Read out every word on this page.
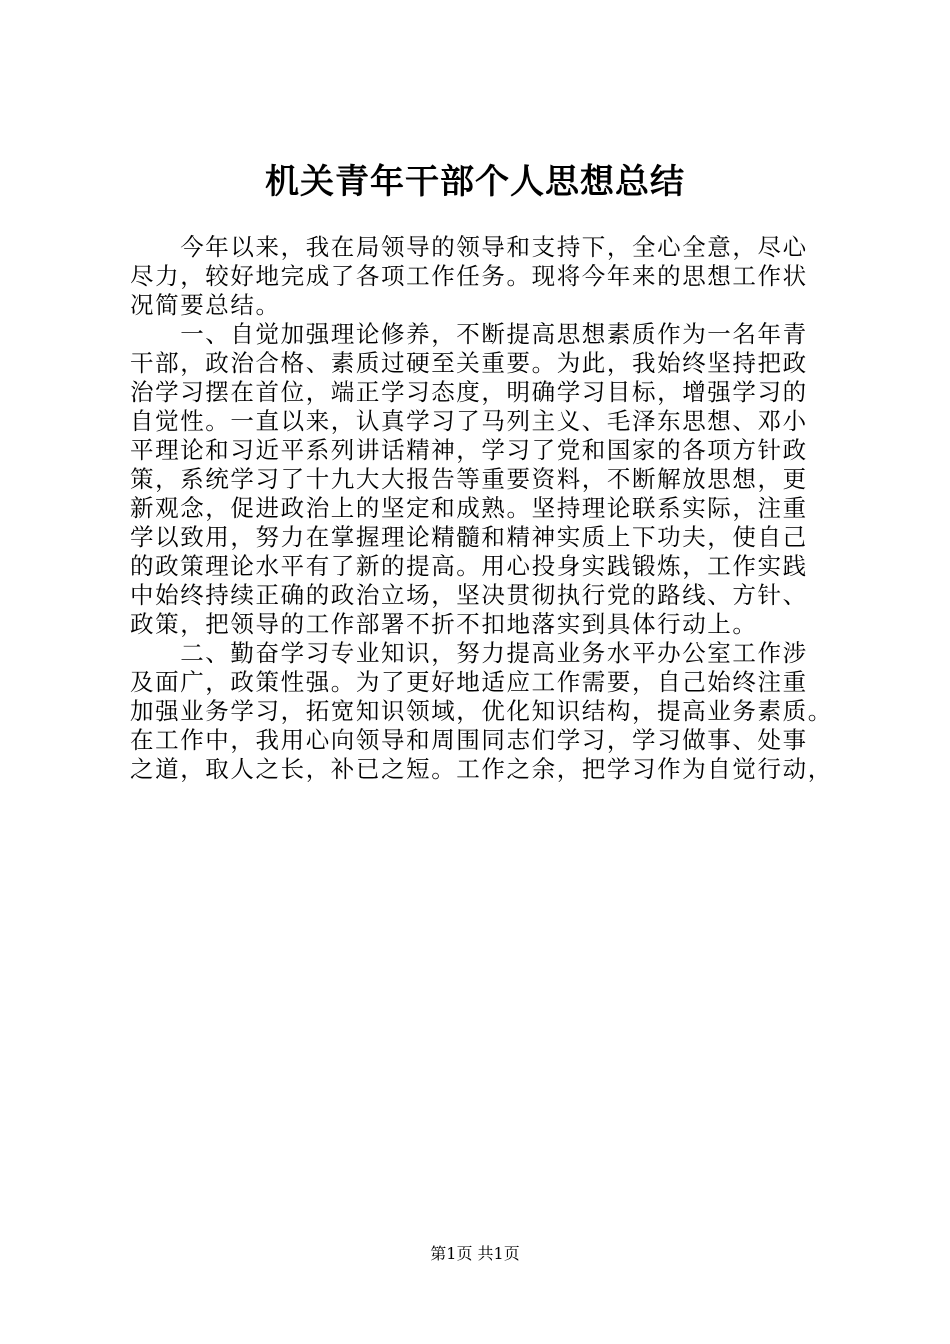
机关青年干部个人思想总结
　　今年以来，我在局领导的领导和支持下，全心全意，尽心
尽力，较好地完成了各项工作任务。现将今年来的思想工作状
况简要总结。
　　一、自觉加强理论修养，不断提高思想素质作为一名年青
干部，政治合格、素质过硬至关重要。为此，我始终坚持把政
治学习摆在首位，端正学习态度，明确学习目标，增强学习的
自觉性。一直以来，认真学习了马列主义、毛泽东思想、邓小
平理论和习近平系列讲话精神，学习了党和国家的各项方针政
策，系统学习了十九大大报告等重要资料，不断解放思想，更
新观念，促进政治上的坚定和成熟。坚持理论联系实际，注重
学以致用，努力在掌握理论精髓和精神实质上下功夫，使自己
的政策理论水平有了新的提高。用心投身实践锻炼，工作实践
中始终持续正确的政治立场，坚决贯彻执行党的路线、方针、
政策，把领导的工作部署不折不扣地落实到具体行动上。
　　二、勤奋学习专业知识，努力提高业务水平办公室工作涉
及面广，政策性强。为了更好地适应工作需要，自己始终注重
加强业务学习，拓宽知识领域，优化知识结构，提高业务素质。
在工作中，我用心向领导和周围同志们学习，学习做事、处事
之道，取人之长，补已之短。工作之余，把学习作为自觉行动，
第1页 共1页
